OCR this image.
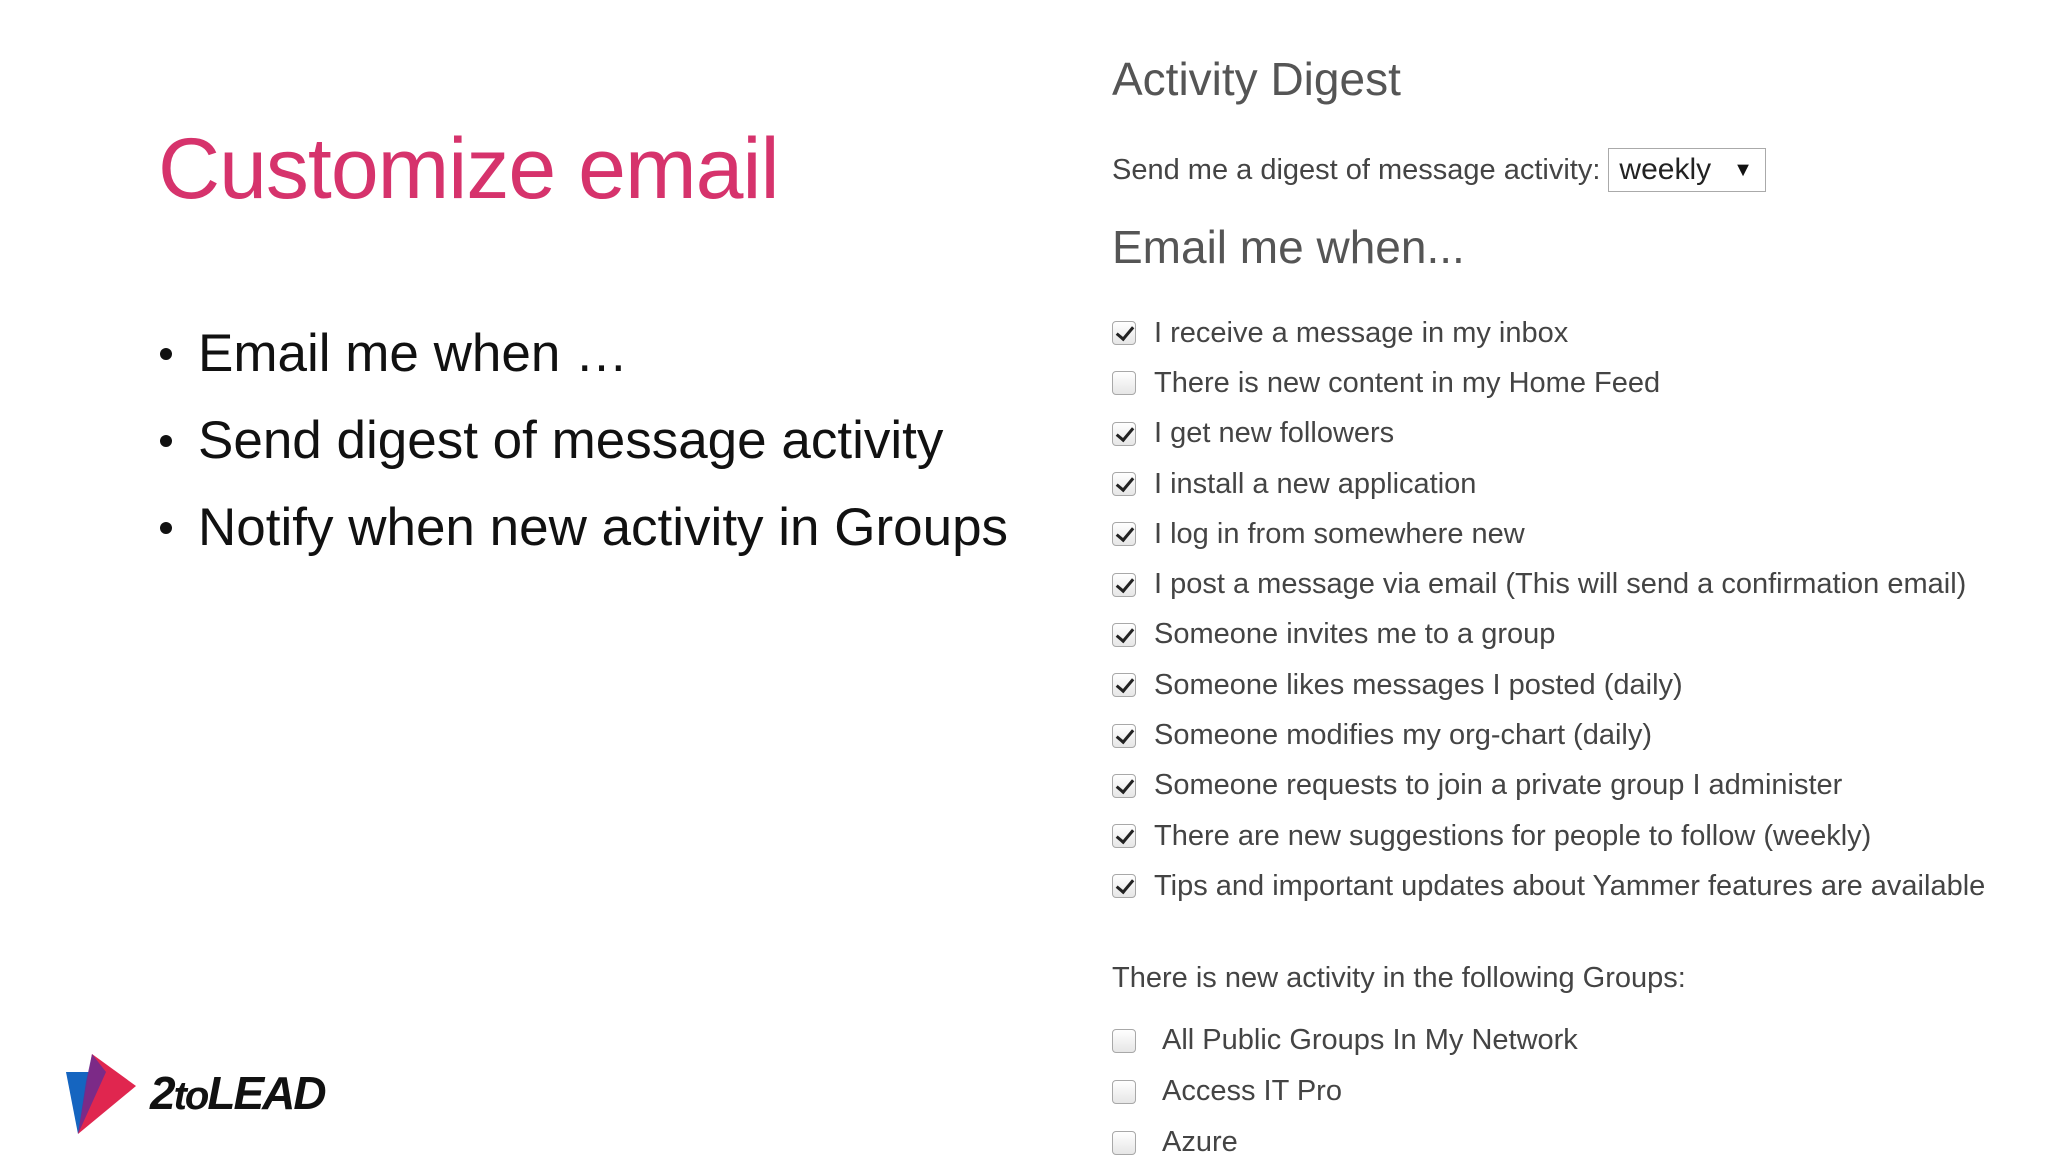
Customize email
Email me when …
Send digest of message activity
Notify when new activity in Groups
Activity Digest
Send me a digest of message activity: weekly ▼
Email me when...
I receive a message in my inbox
There is new content in my Home Feed
I get new followers
I install a new application
I log in from somewhere new
I post a message via email (This will send a confirmation email)
Someone invites me to a group
Someone likes messages I posted (daily)
Someone modifies my org-chart (daily)
Someone requests to join a private group I administer
There are new suggestions for people to follow (weekly)
Tips and important updates about Yammer features are available
There is new activity in the following Groups:
All Public Groups In My Network
Access IT Pro
Azure
2toLEAD
